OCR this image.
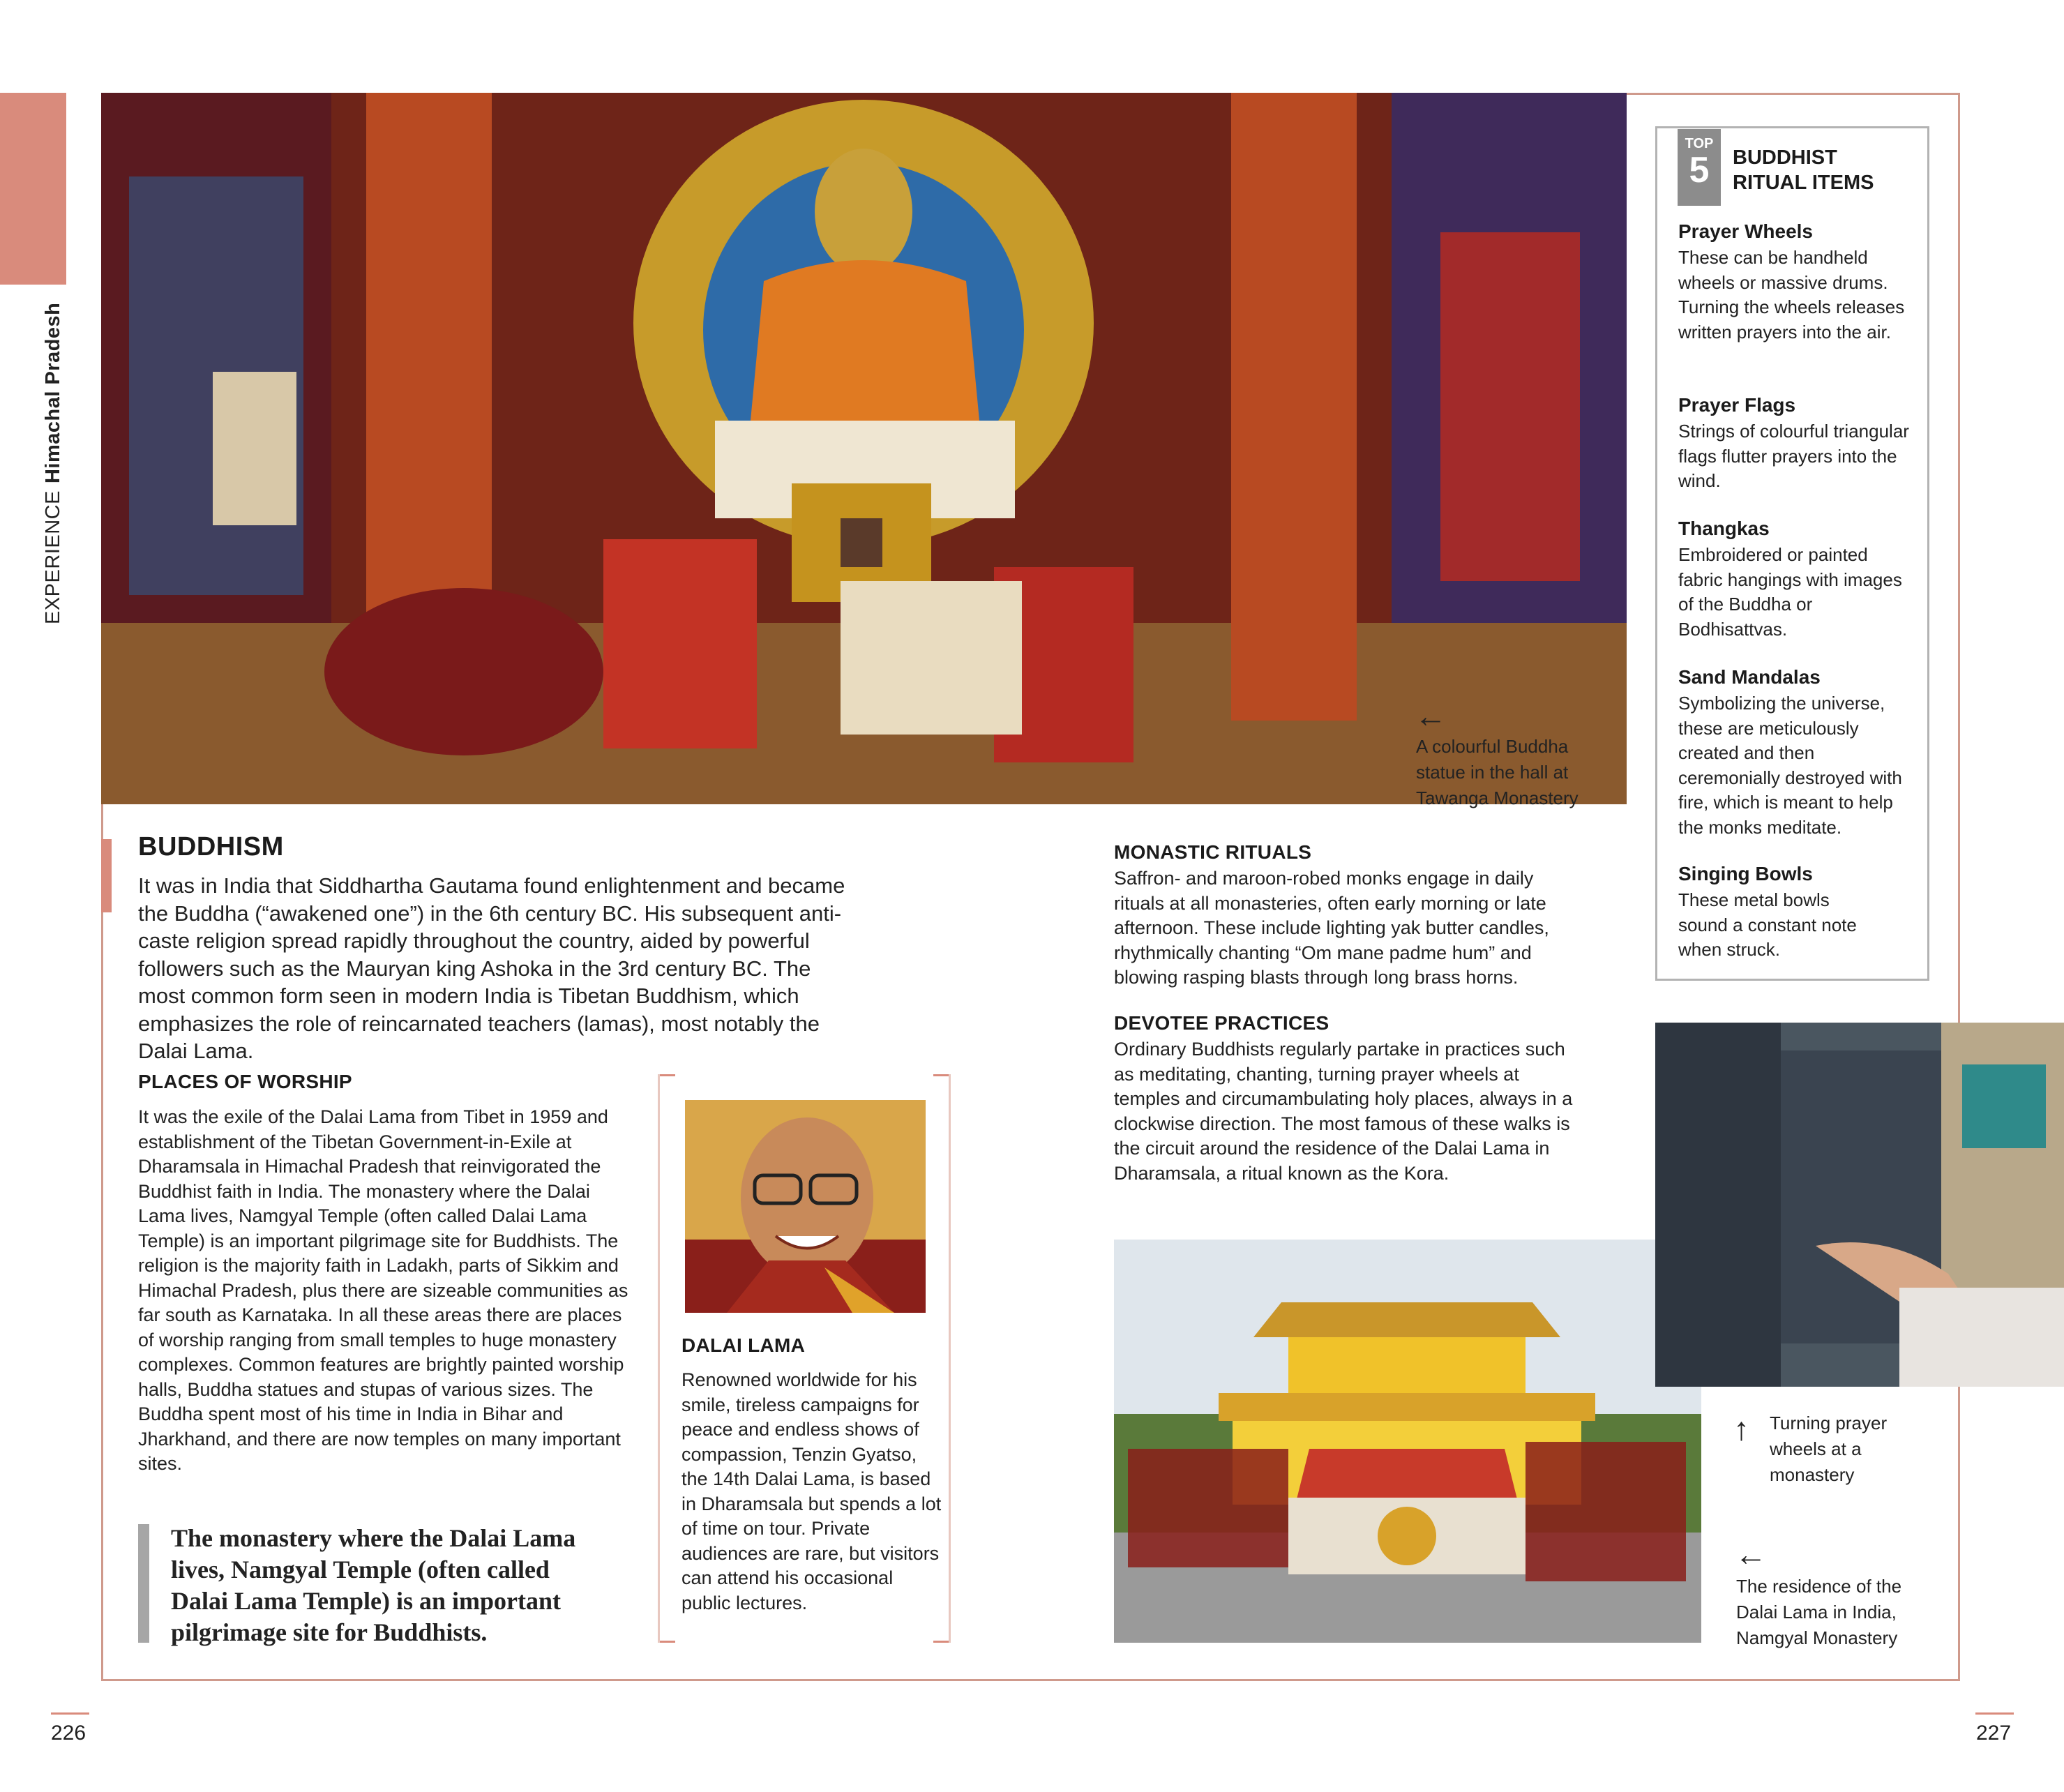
EXPERIENCEHimachal Pradesh
←
A colourful Buddha statue in the hall at Tawanga Monastery
BUDDHISM
It was in India that Siddhartha Gautama found enlightenment and became the Buddha (“awakened one”) in the 6th century BC. His subsequent anti-caste religion spread rapidly throughout the country, aided by powerful followers such as the Mauryan king Ashoka in the 3rd century BC. The most common form seen in modern India is Tibetan Buddhism, which emphasizes the role of reincarnated teachers (lamas), most notably the Dalai Lama.
PLACES OF WORSHIP
It was the exile of the Dalai Lama from Tibet in 1959 and establishment of the Tibetan Government-in-Exile at Dharamsala in Himachal Pradesh that reinvigorated the Buddhist faith in India. The monastery where the Dalai Lama lives, Namgyal Temple (often called Dalai Lama Temple) is an important pilgrimage site for Buddhists. The religion is the majority faith in Ladakh, parts of Sikkim and Himachal Pradesh, plus there are sizeable communities as far south as Karnataka. In all these areas there are places of worship ranging from small temples to huge monastery complexes. Common features are brightly painted worship halls, Buddha statues and stupas of various sizes. The Buddha spent most of his time in India in Bihar and Jharkhand, and there are now temples on many important sites.
The monastery where the Dalai Lama lives, Namgyal Temple (often called Dalai Lama Temple) is an important pilgrimage site for Buddhists.
DALAI LAMA
Renowned worldwide for his smile, tireless campaigns for peace and endless shows of compassion, Tenzin Gyatso, the 14th Dalai Lama, is based in Dharamsala but spends a lot of time on tour. Private audiences are rare, but visitors can attend his occasional public lectures.
MONASTIC RITUALS
Saffron- and maroon-robed monks engage in daily rituals at all monasteries, often early morning or late afternoon. These include lighting yak butter candles, rhythmically chanting “Om mane padme hum” and blowing rasping blasts through long brass horns.
DEVOTEE PRACTICES
Ordinary Buddhists regularly partake in practices such as meditating, chanting, turning prayer wheels at temples and circumambulating holy places, always in a clockwise direction. The most famous of these walks is the circuit around the residence of the Dalai Lama in Dharamsala, a ritual known as the Kora.
↑ Turning prayer wheels at a monastery
←
The residence of the Dalai Lama in India, Namgyal Monastery
TOP
5	BUDDHIST RITUAL ITEMS
Prayer Wheels
These can be handheld wheels or massive drums. Turning the wheels releases written prayers into the air.
Prayer Flags
Strings of colourful triangular flags flutter prayers into the wind.
Thangkas
Embroidered or painted fabric hangings with images of the Buddha or Bodhisattvas.
Sand Mandalas
Symbolizing the universe, these are meticulously created and then ceremonially destroyed with fire, which is meant to help the monks meditate.
Singing Bowls
These metal bowls sound a constant note when struck.
226	227
